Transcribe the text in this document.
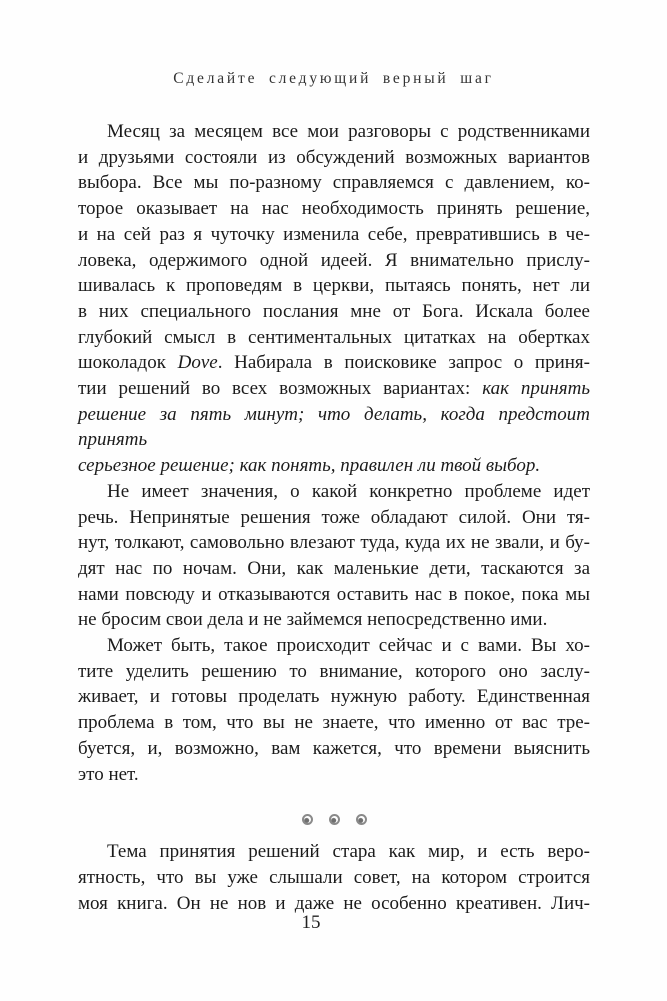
Сделайте следующий верный шаг
Месяц за месяцем все мои разговоры с родственниками
и друзьями состояли из обсуждений возможных вариантов
выбора. Все мы по-разному справляемся с давлением, ко-
торое оказывает на нас необходимость принять решение,
и на сей раз я чуточку изменила себе, превратившись в че-
ловека, одержимого одной идеей. Я внимательно прислу-
шивалась к проповедям в церкви, пытаясь понять, нет ли
в них специального послания мне от Бога. Искала более
глубокий смысл в сентиментальных цитатках на обертках
шоколадок Dove. Набирала в поисковике запрос о приня-
тии решений во всех возможных вариантах: как принять
решение за пять минут; что делать, когда предстоит принять
серьезное решение; как понять, правилен ли твой выбор.
Не имеет значения, о какой конкретно проблеме идет
речь. Непринятые решения тоже обладают силой. Они тя-
нут, толкают, самовольно влезают туда, куда их не звали, и бу-
дят нас по ночам. Они, как маленькие дети, таскаются за
нами повсюду и отказываются оставить нас в покое, пока мы
не бросим свои дела и не займемся непосредственно ими.
Может быть, такое происходит сейчас и с вами. Вы хо-
тите уделить решению то внимание, которого оно заслу-
живает, и готовы проделать нужную работу. Единственная
проблема в том, что вы не знаете, что именно от вас тре-
буется, и, возможно, вам кажется, что времени выяснить
это нет.
Тема принятия решений стара как мир, и есть веро-
ятность, что вы уже слышали совет, на котором строится
моя книга. Он не нов и даже не особенно креативен. Лич-
15
